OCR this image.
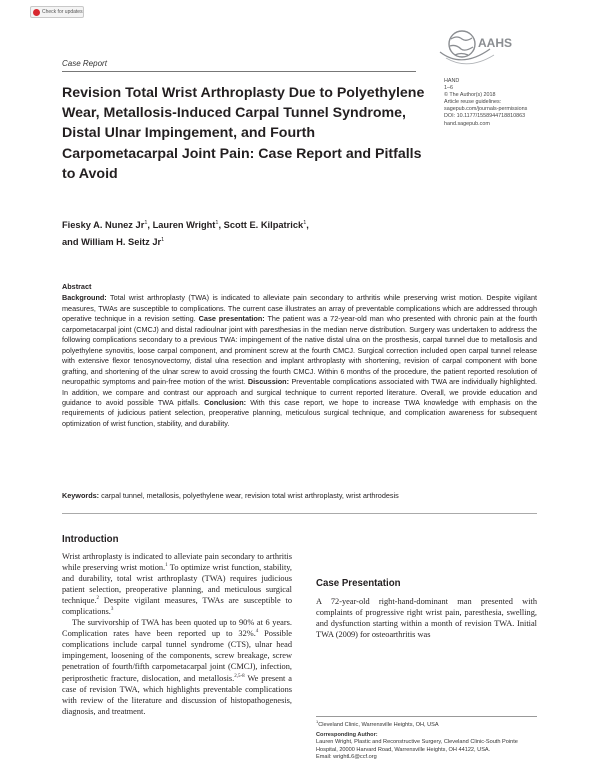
Check for updates
Case Report
AAHS
HAND
1–6
© The Author(s) 2018
Article reuse guidelines:
sagepub.com/journals-permissions
DOI: 10.1177/1558944718810863
hand.sagepub.com
Revision Total Wrist Arthroplasty Due to Polyethylene Wear, Metallosis-Induced Carpal Tunnel Syndrome, Distal Ulnar Impingement, and Fourth Carpometacarpal Joint Pain: Case Report and Pitfalls to Avoid
Fiesky A. Nunez Jr$^1$, Lauren Wright$^1$, Scott E. Kilpatrick$^1$,
and William H. Seitz Jr$^1$
Abstract
Background: Total wrist arthroplasty (TWA) is indicated to alleviate pain secondary to arthritis while preserving wrist motion. Despite vigilant measures, TWAs are susceptible to complications. The current case illustrates an array of preventable complications which are addressed through operative technique in a revision setting. Case presentation: The patient was a 72-year-old man who presented with chronic pain at the fourth carpometacarpal joint (CMCJ) and distal radioulnar joint with paresthesias in the median nerve distribution. Surgery was undertaken to address the following complications secondary to a previous TWA: impingement of the native distal ulna on the prosthesis, carpal tunnel due to metallosis and polyethylene synovitis, loose carpal component, and prominent screw at the fourth CMCJ. Surgical correction included open carpal tunnel release with extensive flexor tenosynovectomy, distal ulna resection and implant arthroplasty with shortening, revision of carpal component with bone grafting, and shortening of the ulnar screw to avoid crossing the fourth CMCJ. Within 6 months of the procedure, the patient reported resolution of neuropathic symptoms and pain-free motion of the wrist. Discussion: Preventable complications associated with TWA are individually highlighted. In addition, we compare and contrast our approach and surgical technique to current reported literature. Overall, we provide education and guidance to avoid possible TWA pitfalls. Conclusion: With this case report, we hope to increase TWA knowledge with emphasis on the requirements of judicious patient selection, preoperative planning, meticulous surgical technique, and complication awareness for subsequent optimization of wrist function, stability, and durability.
Keywords: carpal tunnel, metallosis, polyethylene wear, revision total wrist arthroplasty, wrist arthrodesis
Introduction

Wrist arthroplasty is indicated to alleviate pain secondary to arthritis while preserving wrist motion.$^1$ To optimize wrist function, stability, and durability, total wrist arthroplasty (TWA) requires judicious patient selection, preoperative planning, and meticulous surgical technique.$^2$ Despite vigilant measures, TWAs are susceptible to complications.$^3$

The survivorship of TWA has been quoted up to 90% at 6 years. Complication rates have been reported up to 32%.$^4$ Possible complications include carpal tunnel syndrome (CTS), ulnar head impingement, loosening of the components, screw breakage, screw penetration of fourth/fifth carpometacarpal joint (CMCJ), infection, periprosthetic fracture, dislocation, and metallosis.$^{2,5-8}$ We present a case of revision TWA, which highlights preventable complications with review of the literature and discussion of histopathogenesis, diagnosis, and treatment.

Case Presentation

A 72-year-old right-hand-dominant man presented with complaints of progressive right wrist pain, paresthesia, swelling, and dysfunction starting within a month of revision TWA. Initial TWA (2009) for osteoarthritis was

$^1$Cleveland Clinic, Warrensville Heights, OH, USA
Corresponding Author:
Lauren Wright, Plastic and Reconstructive Surgery, Cleveland Clinic-South Pointe Hospital, 20000 Harvard Road, Warrensville Heights, OH 44122, USA.
Email: wrightL6@ccf.org
